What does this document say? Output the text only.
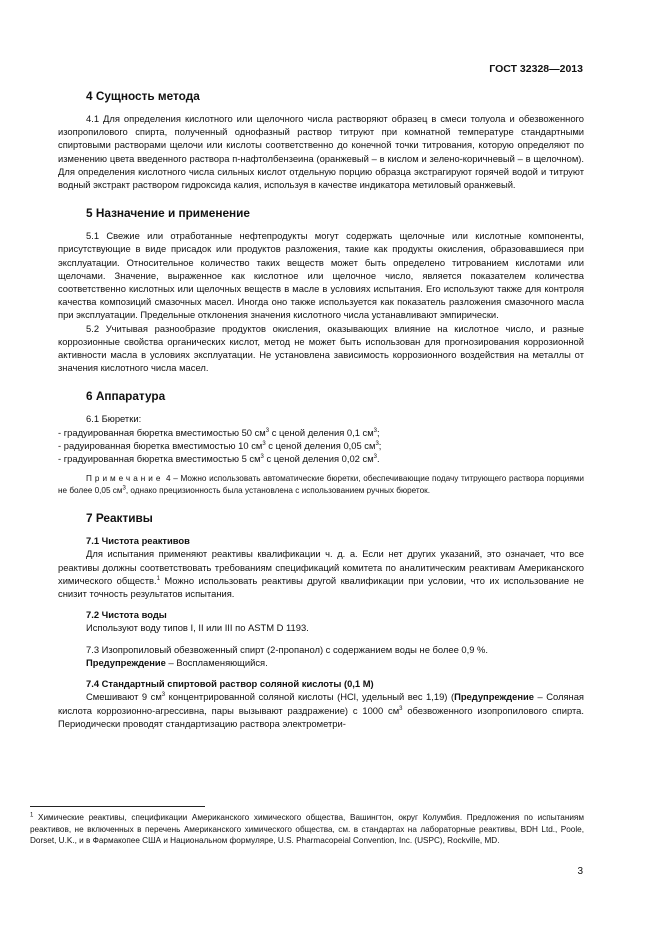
ГОСТ 32328—2013
4 Сущность метода

4.1 Для определения кислотного или щелочного числа растворяют образец в смеси толуола и обезвоженного изопропилового спирта, полученный однофазный раствор титруют при комнатной температуре стандартными спиртовыми растворами щелочи или кислоты соответственно до конечной точки титрования, которую определяют по изменению цвета введенного раствора п-нафтолбензеина (оранжевый – в кислом и зелено-коричневый – в щелочном). Для определения кислотного числа сильных кислот отдельную порцию образца экстрагируют горячей водой и титруют водный экстракт раствором гидроксида калия, используя в качестве индикатора метиловый оранжевый.

5 Назначение и применение

5.1 Свежие или отработанные нефтепродукты могут содержать щелочные или кислотные компоненты, присутствующие в виде присадок или продуктов разложения, такие как продукты окисления, образовавшиеся при эксплуатации. Относительное количество таких веществ может быть определено титрованием кислотами или щелочами. Значение, выраженное как кислотное или щелочное число, является показателем количества соответственно кислотных или щелочных веществ в масле в условиях испытания. Его используют также для контроля качества композиций смазочных масел. Иногда оно также используется как показатель разложения смазочного масла при эксплуатации. Предельные отклонения значения кислотного числа устанавливают эмпирически.

5.2 Учитывая разнообразие продуктов окисления, оказывающих влияние на кислотное число, и разные коррозионные свойства органических кислот, метод не может быть использован для прогнозирования коррозионной активности масла в условиях эксплуатации. Не установлена зависимость коррозионного воздействия на металлы от значения кислотного числа масел.

6 Аппаратура

6.1 Бюретки:

- градуированная бюретка вместимостью 50 $см^3$ с ценой деления 0,1 $см^3$;

- радуированная бюретка вместимостью 10 $см^3$ с ценой деления 0,05 $см^3$;

- градуированная бюретка вместимостью 5 $см^3$ с ценой деления 0,02 $см^3$.

Примечание 4 – Можно использовать автоматические бюретки, обеспечивающие подачу титрующего раствора порциями не более 0,05 $см^3$, однако прецизионность была установлена с использованием ручных бюреток.

7 Реактивы
7.1 Чистота реактивов

Для испытания применяют реактивы квалификации ч. д. а. Если нет других указаний, это означает, что все реактивы должны соответствовать требованиям спецификаций комитета по аналитическим реактивам Американского химического обществ.$^1$ Можно использовать реактивы другой квалификации при условии, что их использование не снизит точность результатов испытания.

7.2 Чистота воды

Используют воду типов I, II или III по ASTM D 1193.

7.3 Изопропиловый обезвоженный спирт (2-пропанол) с содержанием воды не более 0,9 %.

Предупреждение – Воспламеняющийся.

7.4 Стандартный спиртовой раствор соляной кислоты (0,1 М)

Смешивают 9 $см^3$ концентрированной соляной кислоты (HCl, удельный вес 1,19) (Предупреждение – Соляная кислота коррозионно-агрессивна, пары вызывают раздражение) с 1000 $см^3$ обезвоженного изопропилового спирта. Периодически проводят стандартизацию раствора электрометри-

$^1$ Химические реактивы, спецификации Американского химического общества, Вашингтон, округ Колумбия. Предложения по испытаниям реактивов, не включенных в перечень Американского химического общества, см. в стандартах на лабораторные реактивы, BDH Ltd., Poole, Dorset, U.K., и в Фармакопее США и Национальном формуляре, U.S. Pharmacopeial Convention, Inc. (USPC), Rockville, MD.

3
